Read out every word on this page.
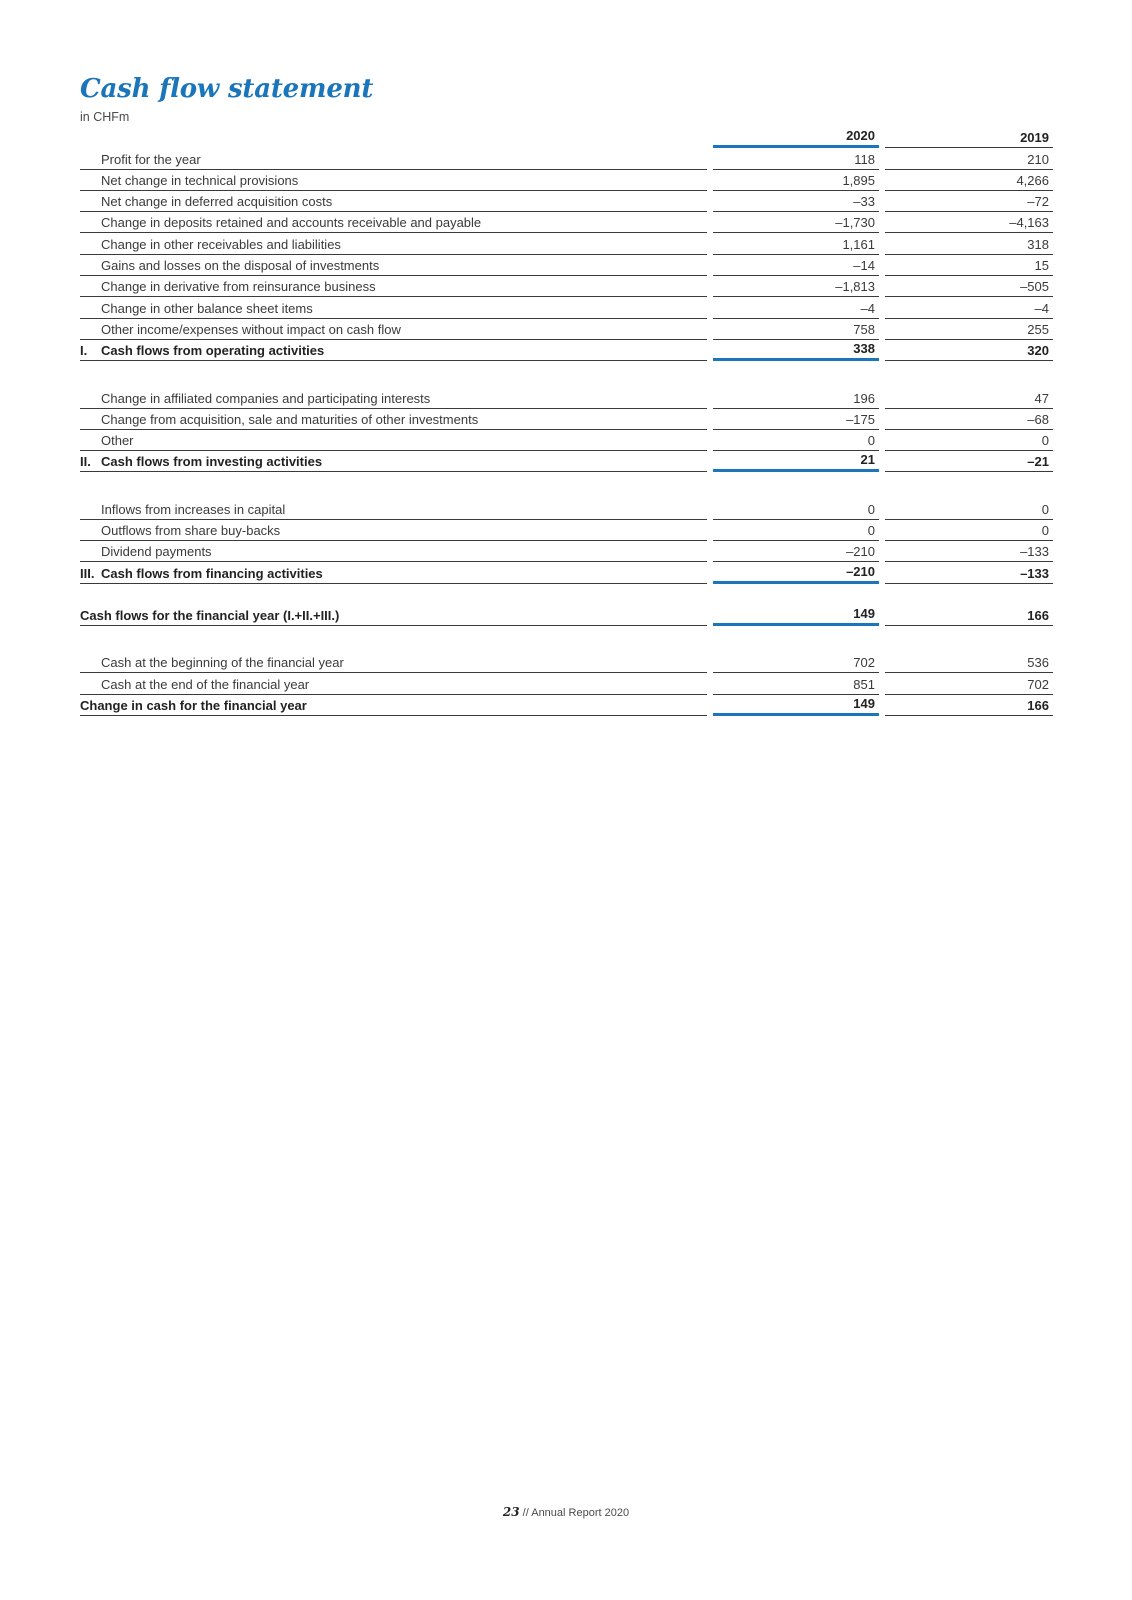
Cash flow statement
in CHFm
2020	2019
Profit for the year	118	210
Net change in technical provisions	1,895	4,266
Net change in deferred acquisition costs	–33	–72
Change in deposits retained and accounts receivable and payable	–1,730	–4,163
Change in other receivables and liabilities	1,161	318
Gains and losses on the disposal of investments	–14	15
Change in derivative from reinsurance business	–1,813	–505
Change in other balance sheet items	–4	–4
Other income/expenses without impact on cash flow	758	255
I.	Cash flows from operating activities	338	320
Change in affiliated companies and participating interests	196	47
Change from acquisition, sale and maturities of other investments	–175	–68
Other	0	0
II. Cash flows from investing activities	21	–21
Inflows from increases in capital	0	0
Outflows from share buy-backs	0	0
Dividend payments	–210	–133
III. Cash flows from financing activities	–210	–133
Cash flows for the financial year (I.+II.+III.)	149	166
Cash at the beginning of the financial year	702	536
Cash at the end of the financial year	851	702
Change in cash for the financial year	149	166
23 // Annual Report 2020
